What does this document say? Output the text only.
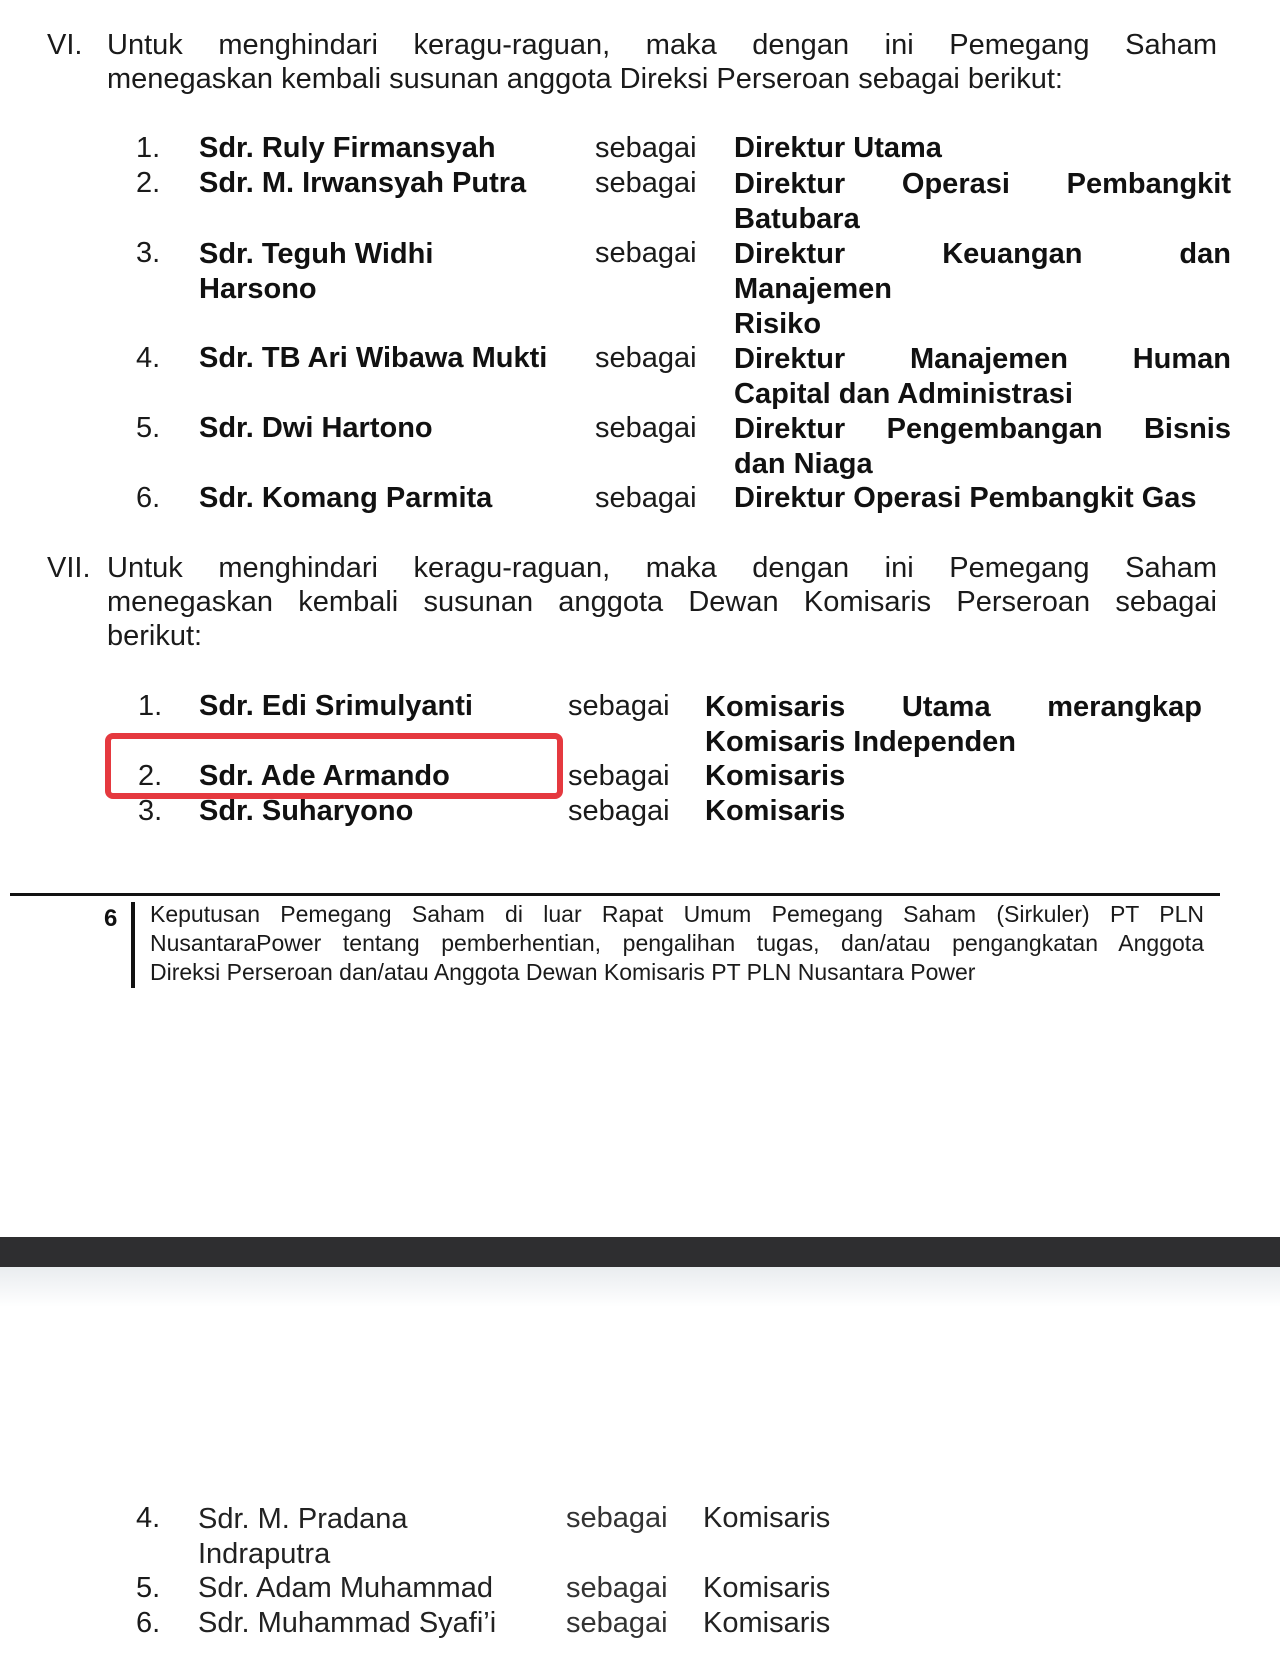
VI. Untuk menghindari keragu-raguan, maka dengan ini Pemegang Saham
menegaskan kembali susunan anggota Direksi Perseroan sebagai berikut:
1. Sdr. Ruly Firmansyah	sebagai Direktur Utama
2. Sdr. M. Irwansyah Putra sebagai Direktur Operasi Pembangkit
Batubara
3. Sdr. Teguh Widhi
Harsono
sebagai Direktur Keuangan dan
Manajemen
Risiko
4. Sdr. TB Ari Wibawa Mukti sebagai Direktur Manajemen Human
Capital dan Administrasi
5. Sdr. Dwi Hartono	sebagai Direktur Pengembangan Bisnis
dan Niaga
6. Sdr. Komang Parmita	sebagai Direktur Operasi Pembangkit Gas
VII. Untuk menghindari keragu-raguan, maka dengan ini Pemegang Saham
menegaskan kembali susunan anggota Dewan Komisaris Perseroan sebagai
berikut:
1. Sdr. Edi Srimulyanti	sebagai Komisaris Utama merangkap
Komisaris Independen
2. Sdr. Ade Armando	sebagai Komisaris
3. Sdr. Suharyono	sebagai Komisaris
6 Keputusan Pemegang Saham di luar Rapat Umum Pemegang Saham (Sirkuler) PT PLN
NusantaraPower tentang pemberhentian, pengalihan tugas, dan/atau pengangkatan Anggota
Direksi Perseroan dan/atau Anggota Dewan Komisaris PT PLN Nusantara Power
4. Sdr. M. Pradana
Indraputra
sebagai Komisaris
5. Sdr. Adam Muhammad	sebagai Komisaris
6. Sdr. Muhammad Syafi’i sebagai Komisaris
